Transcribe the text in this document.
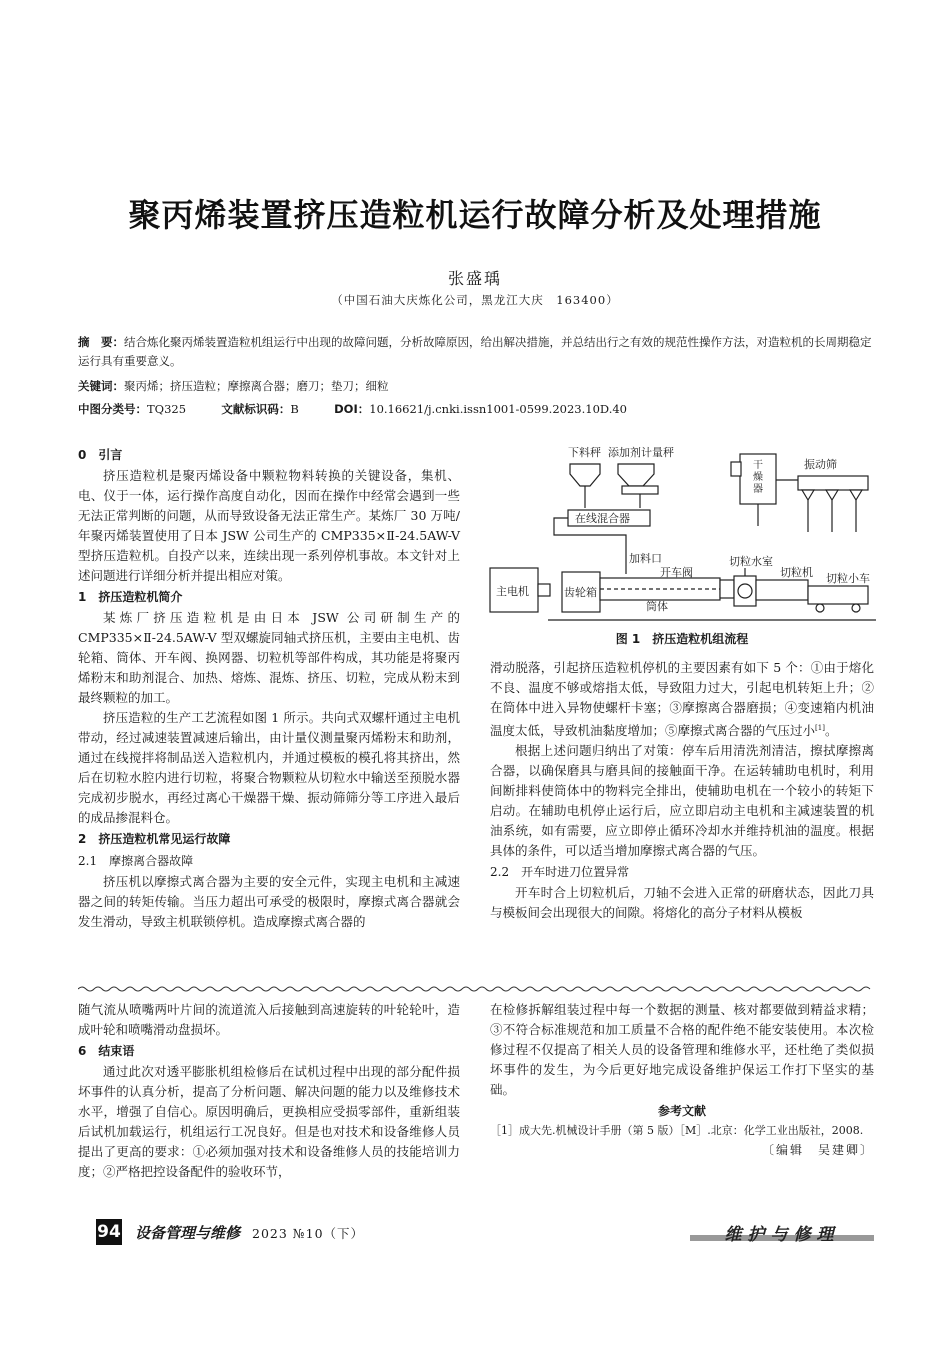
聚丙烯装置挤压造粒机运行故障分析及处理措施
张盛瑀
（中国石油大庆炼化公司，黑龙江大庆　163400）
摘　要：结合炼化聚丙烯装置造粒机组运行中出现的故障问题，分析故障原因，给出解决措施，并总结出行之有效的规范性操作方法，对造粒机的长周期稳定运行具有重要意义。
关键词：聚丙烯；挤压造粒；摩擦离合器；磨刀；垫刀；细粒
中图分类号：TQ325	文献标识码：B	DOI：10.16621/j.cnki.issn1001-0599.2023.10D.40
0　引言

挤压造粒机是聚丙烯设备中颗粒物料转换的关键设备，集机、电、仪于一体，运行操作高度自动化，因而在操作中经常会遇到一些无法正常判断的问题，从而导致设备无法正常生产。某炼厂 30 万吨/年聚丙烯装置使用了日本 JSW 公司生产的 CMP335×Ⅱ-24.5AW-V 型挤压造粒机。自投产以来，连续出现一系列停机事故。本文针对上述问题进行详细分析并提出相应对策。

1　挤压造粒机简介

某炼厂挤压造粒机是由日本 JSW 公司研制生产的 CMP335×Ⅱ-24.5AW-V 型双螺旋同轴式挤压机，主要由主电机、齿轮箱、筒体、开车阀、换网器、切粒机等部件构成，其功能是将聚丙烯粉末和助剂混合、加热、熔炼、混炼、挤压、切粒，完成从粉末到最终颗粒的加工。

挤压造粒的生产工艺流程如图 1 所示。共向式双螺杆通过主电机带动，经过减速装置减速后输出，由计量仪测量聚丙烯粉末和助剂，通过在线搅拌将制品送入造粒机内，并通过模板的模孔将其挤出，然后在切粒水腔内进行切粒，将聚合物颗粒从切粒水中输送至预脱水器完成初步脱水，再经过离心干燥器干燥、振动筛筛分等工序进入最后的成品掺混料仓。

2　挤压造粒机常见运行故障
2.1　摩擦离合器故障

挤压机以摩擦式离合器为主要的安全元件，实现主电机和主减速器之间的转矩传输。当压力超出可承受的极限时，摩擦式离合器就会发生滑动，导致主机联锁停机。造成摩擦式离合器的

下料秤 添加剂计量秤
在线混合器
加料口
干燥器
振动筛
主电机	齿轮箱
筒体
开车阀
切粒水室
切粒机 切粒小车
图 1　挤压造粒机组流程

滑动脱落，引起挤压造粒机停机的主要因素有如下 5 个：①由于熔化不良、温度不够或熔指太低，导致阻力过大，引起电机转矩上升；②在筒体中进入异物使螺杆卡塞；③摩擦离合器磨损；④变速箱内机油温度太低，导致机油黏度增加；⑤摩擦式离合器的气压过小[1]。

根据上述问题归纳出了对策：停车后用清洗剂清洁，擦拭摩擦离合器，以确保磨具与磨具间的接触面干净。在运转辅助电机时，利用间断排料使筒体中的物料完全排出，使辅助电机在一个较小的转矩下启动。在辅助电机停止运行后，应立即启动主电机和主减速装置的机油系统，如有需要，应立即停止循环冷却水并维持机油的温度。根据具体的条件，可以适当增加摩擦式离合器的气压。

2.2　开车时进刀位置异常

开车时合上切粒机后，刀轴不会进入正常的研磨状态，因此刀具与模板间会出现很大的间隙。将熔化的高分子材料从模板

随气流从喷嘴两叶片间的流道流入后接触到高速旋转的叶轮轮叶，造成叶轮和喷嘴滑动盘损坏。

6　结束语

通过此次对透平膨胀机组检修后在试机过程中出现的部分配件损坏事件的认真分析，提高了分析问题、解决问题的能力以及维修技术水平，增强了自信心。原因明确后，更换相应受损零部件，重新组装后试机加载运行，机组运行工况良好。但是也对技术和设备维修人员提出了更高的要求：①必须加强对技术和设备维修人员的技能培训力度；②严格把控设备配件的验收环节，

在检修拆解组装过程中每一个数据的测量、核对都要做到精益求精；③不符合标准规范和加工质量不合格的配件绝不能安装使用。本次检修过程不仅提高了相关人员的设备管理和维修水平，还杜绝了类似损坏事件的发生，为今后更好地完成设备维护保运工作打下坚实的基础。

参考文献
［1］成大先.机械设计手册（第 5 版）［M］.北京：化学工业出版社，2008.
〔编辑　吴建卿〕
94 设备管理与维修 2023 №10（下）	维护与修理
